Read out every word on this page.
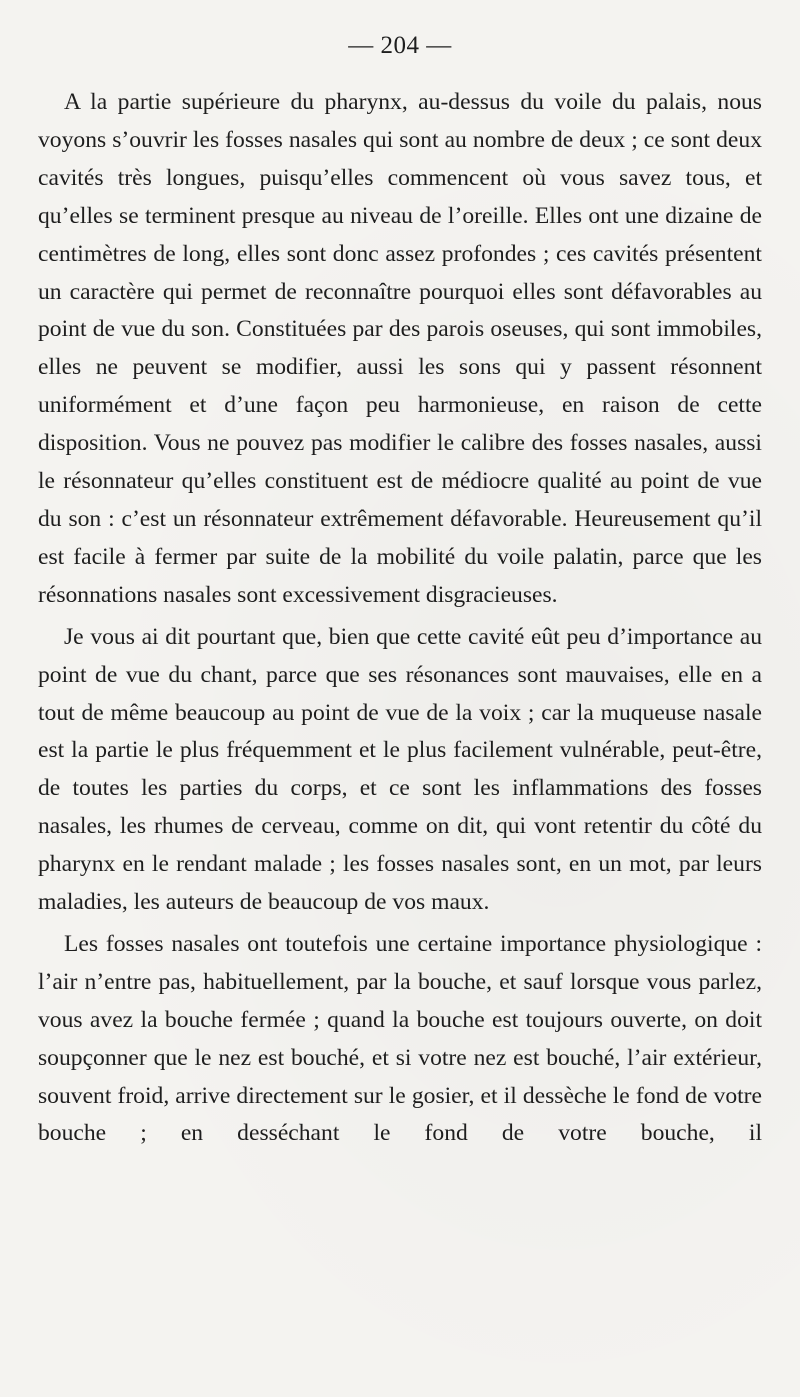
— 204 —

A la partie supérieure du pharynx, au-dessus du voile du palais, nous voyons s’ouvrir les fosses nasales qui sont au nombre de deux ; ce sont deux cavités très longues, puisqu’elles commencent où vous savez tous, et qu’elles se terminent presque au niveau de l’oreille. Elles ont une dizaine de centimètres de long, elles sont donc assez profondes ; ces cavités présentent un caractère qui permet de reconnaître pourquoi elles sont défavorables au point de vue du son. Constituées par des parois oseuses, qui sont immobiles, elles ne peuvent se modifier, aussi les sons qui y passent résonnent uniformément et d’une façon peu harmonieuse, en raison de cette disposition. Vous ne pouvez pas modifier le calibre des fosses nasales, aussi le résonnateur qu’elles constituent est de médiocre qualité au point de vue du son : c’est un résonnateur extrêmement défavorable. Heureusement qu’il est facile à fermer par suite de la mobilité du voile palatin, parce que les résonnations nasales sont excessivement disgracieuses.

Je vous ai dit pourtant que, bien que cette cavité eût peu d’importance au point de vue du chant, parce que ses résonances sont mauvaises, elle en a tout de même beaucoup au point de vue de la voix ; car la muqueuse nasale est la partie le plus fréquemment et le plus facilement vulnérable, peut-être, de toutes les parties du corps, et ce sont les inflammations des fosses nasales, les rhumes de cerveau, comme on dit, qui vont retentir du côté du pharynx en le rendant malade ; les fosses nasales sont, en un mot, par leurs maladies, les auteurs de beaucoup de vos maux.

Les fosses nasales ont toutefois une certaine importance physiologique : l’air n’entre pas, habituellement, par la bouche, et sauf lorsque vous parlez, vous avez la bouche fermée ; quand la bouche est toujours ouverte, on doit soupçonner que le nez est bouché, et si votre nez est bouché, l’air extérieur, souvent froid, arrive directement sur le gosier, et il dessèche le fond de votre bouche ; en desséchant le fond de votre bouche, il
